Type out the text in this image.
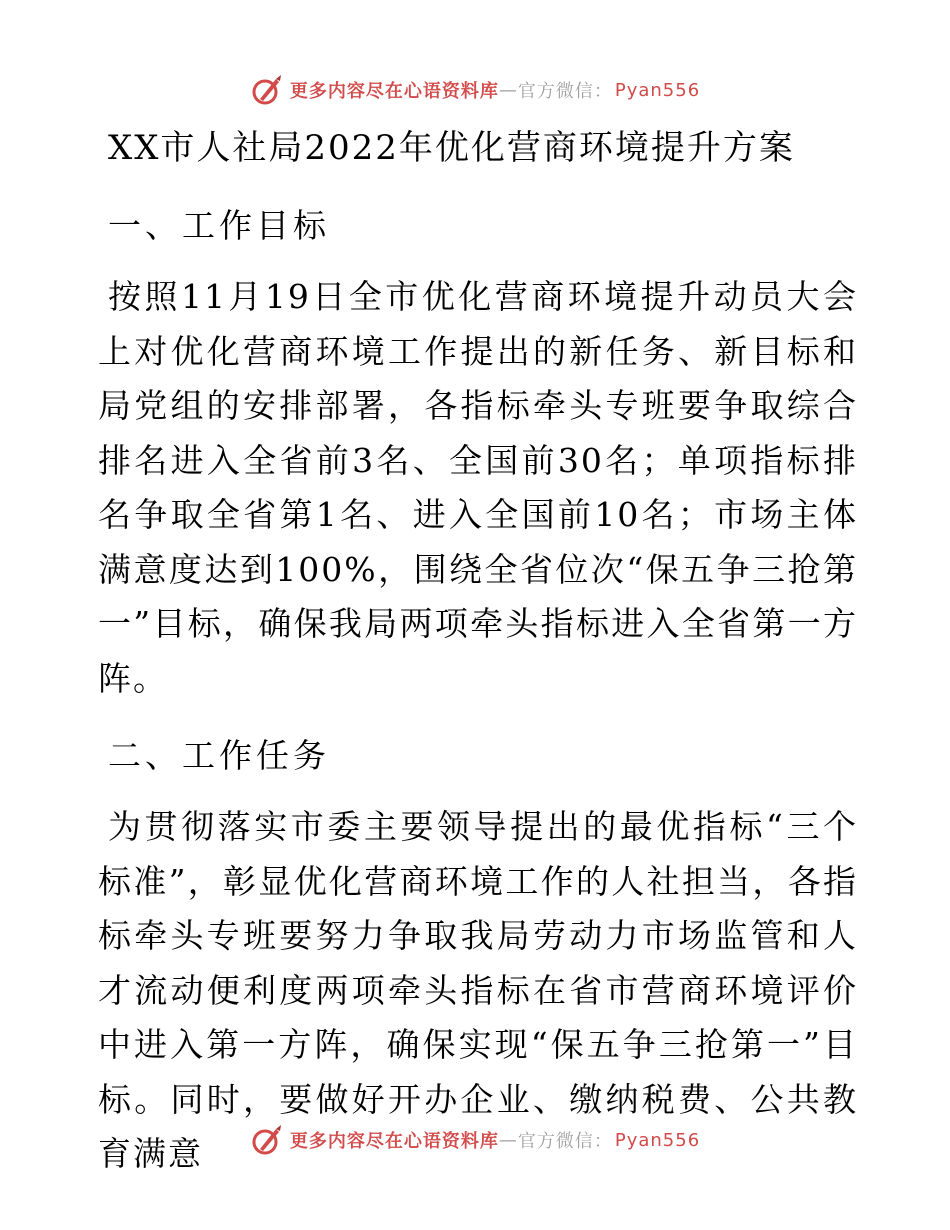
更多内容尽在心语资料库 — 官方微信： Pyan556
XX市人社局2022年优化营商环境提升方案
一、工作目标

按照11月19日全市优化营商环境提升动员大会上对优化营商环境工作提出的新任务、新目标和局党组的安排部署，各指标牵头专班要争取综合排名进入全省前3名、全国前30名；单项指标排名争取全省第1名、进入全国前10名；市场主体满意度达到100%，围绕全省位次“保五争三抢第一”目标，确保我局两项牵头指标进入全省第一方阵。

二、工作任务

为贯彻落实市委主要领导提出的最优指标“三个标准”，彰显优化营商环境工作的人社担当，各指标牵头专班要努力争取我局劳动力市场监管和人才流动便利度两项牵头指标在省市营商环境评价中进入第一方阵，确保实现“保五争三抢第一”目标。同时，要做好开办企业、缴纳税费、公共教育满意	更多内容尽在心语资料库 — 官方微信： Pyan556
